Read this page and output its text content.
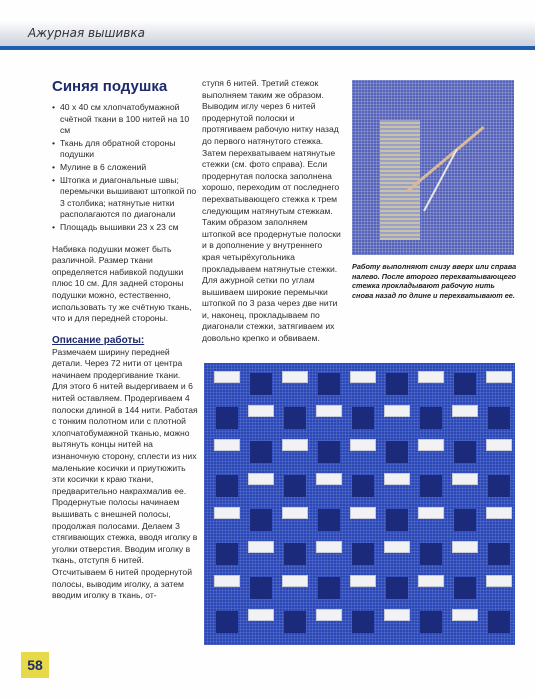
Ажурная вышивка
Синяя подушка
• 40 х 40 см хлопчатобумажной счётной ткани в 100 нитей на 10 см
• Ткань для обратной стороны подушки
• Мулине в 6 сложений
• Штопка и диагональные швы; перемычки вышивают штопкой по 3 столбика; натянутые нитки располагаются по диагонали
• Площадь вышивки 23 х 23 см

Набивка подушки может быть различной. Размер ткани определяется набивкой подушки плюс 10 см. Для задней стороны подушки можно, естественно, использовать ту же счётную ткань, что и для передней стороны.

Описание работы:

Размечаем ширину передней детали. Через 72 нити от центра начинаем продергивание ткани. Для этого 6 нитей выдергиваем и 6 нитей оставляем. Продергиваем 4 полоски длиной в 144 нити. Работая с тонким полотном или с плотной хлопчатобумажной тканью, можно вытянуть концы нитей на изнаночную сторону, сплести из них маленькие косички и приутюжить эти косички к краю ткани, предварительно накрахмалив ее. Продернутые полосы начинаем вышивать с внешней полосы, продолжая полосами. Делаем 3 стягивающих стежка, вводя иголку в уголки отверстия. Вводим иголку в ткань, отступя 6 нитей. Отсчитываем 6 нитей продернутой полосы, выводим иголку, а затем вводим иголку в ткань, от-

ступя 6 нитей. Третий стежок выполняем таким же образом. Выводим иглу через 6 нитей продернутой полоски и протягиваем рабочую нитку назад до первого натянутого стежка. Затем перехватываем натянутые стежки (см. фото справа). Если продернутая полоска заполнена хорошо, переходим от последнего перехватывающего стежка к трем следующим натянутым стежкам. Таким образом заполняем штопкой все продернутые полоски и в дополнение у внутреннего края четырёхугольника прокладываем натянутые стежки. Для ажурной сетки по углам вышиваем широкие перемычки штопкой по 3 раза через две нити и, наконец, прокладываем по диагонали стежки, затягиваем их довольно крепко и обвиваем.

Работу выполняют снизу вверх или справа налево. После второго перехватывающего стежка прокладывают рабочую нить снова назад по длине и перехватывают ее.

58
